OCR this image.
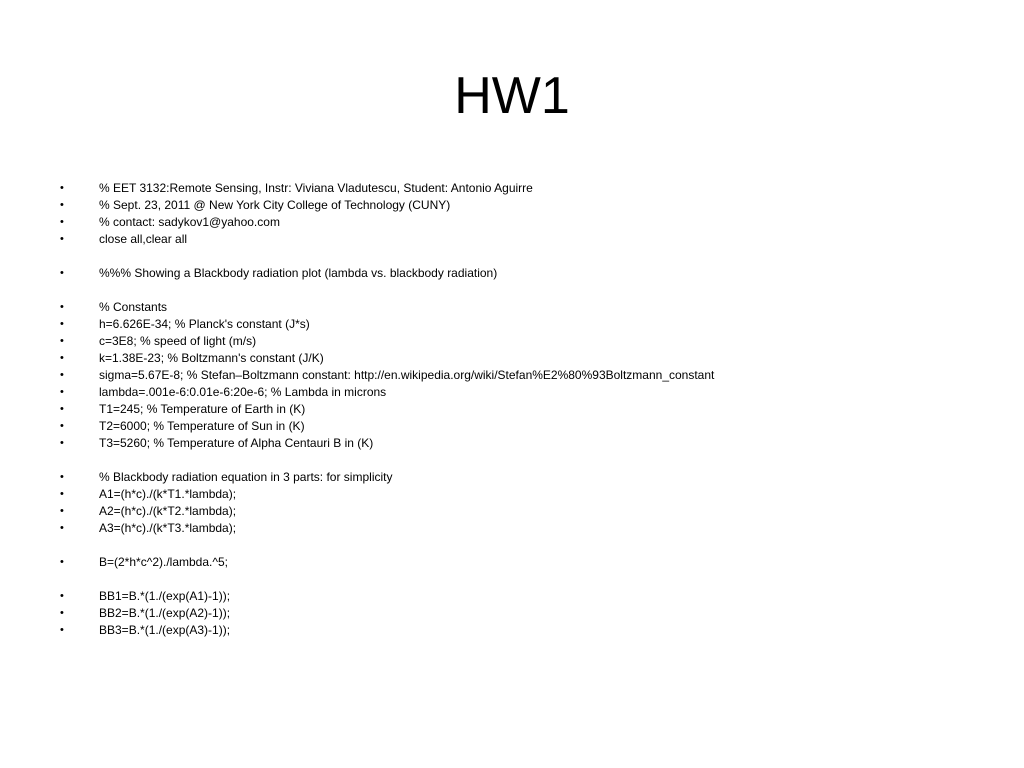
HW1
•	% EET 3132:Remote Sensing, Instr: Viviana Vladutescu, Student: Antonio Aguirre
•	% Sept. 23, 2011 @ New York City College of Technology (CUNY)
•	% contact: sadykov1@yahoo.com
•	close all,clear all
•	%%% Showing a Blackbody radiation plot (lambda vs. blackbody radiation)
•	% Constants
•	h=6.626E-34; % Planck's constant (J*s)
•	c=3E8; % speed of light (m/s)
•	k=1.38E-23; % Boltzmann's constant (J/K)
•	sigma=5.67E-8; % Stefan–Boltzmann constant: http://en.wikipedia.org/wiki/Stefan%E2%80%93Boltzmann_constant
•	lambda=.001e-6:0.01e-6:20e-6; % Lambda in microns
•	T1=245; % Temperature of Earth in (K)
•	T2=6000; % Temperature of Sun in (K)
•	T3=5260; % Temperature of Alpha Centauri B in (K)
•	% Blackbody radiation equation in 3 parts: for simplicity
•	A1=(h*c)./(k*T1.*lambda);
•	A2=(h*c)./(k*T2.*lambda);
•	A3=(h*c)./(k*T3.*lambda);
•	B=(2*h*c^2)./lambda.^5;
•	BB1=B.*(1./(exp(A1)-1));
•	BB2=B.*(1./(exp(A2)-1));
•	BB3=B.*(1./(exp(A3)-1));
